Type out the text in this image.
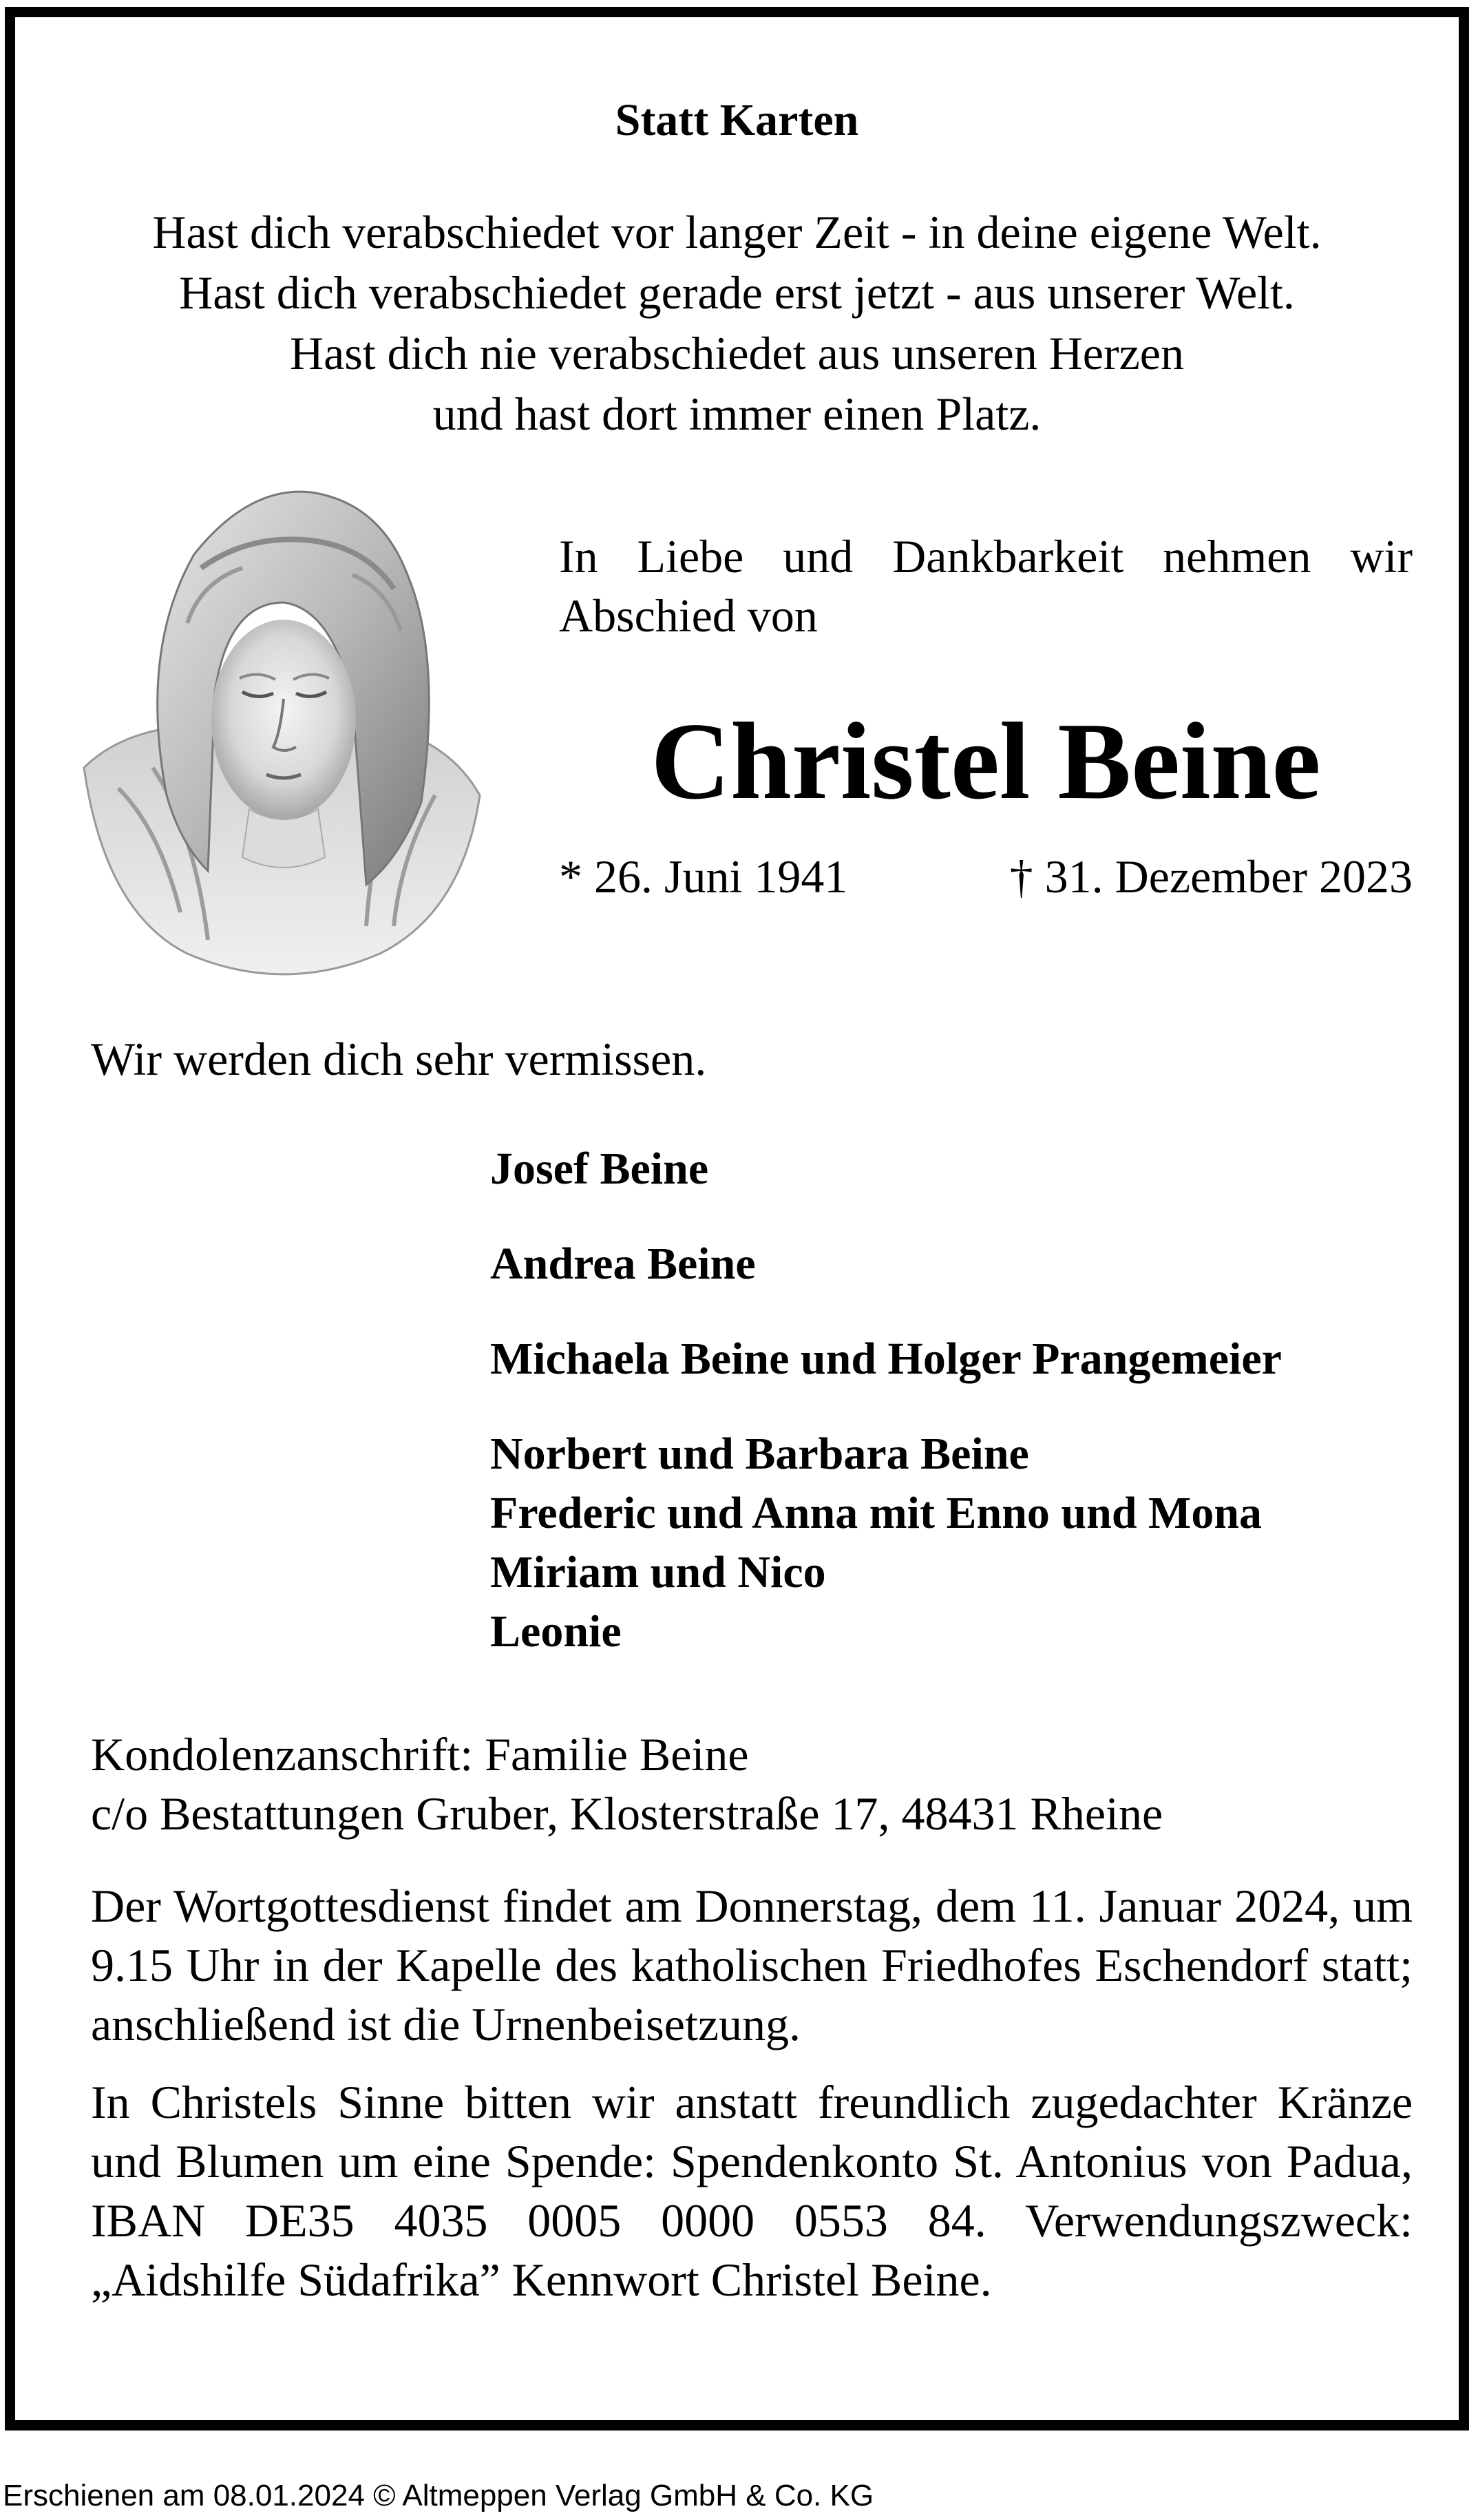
Statt Karten
Hast dich verabschiedet vor langer Zeit - in deine eigene Welt.
Hast dich verabschiedet gerade erst jetzt - aus unserer Welt.
Hast dich nie verabschiedet aus unseren Herzen
und hast dort immer einen Platz.
In Liebe und Dankbarkeit nehmen wir Abschied von
Christel Beine
* 26. Juni 1941	† 31. Dezember 2023
Wir werden dich sehr vermissen.
Josef Beine
Andrea Beine
Michaela Beine und Holger Prangemeier
Norbert und Barbara Beine
Frederic und Anna mit Enno und Mona
Miriam und Nico
Leonie
Kondolenzanschrift: Familie Beine
c/o Bestattungen Gruber, Klosterstraße 17, 48431 Rheine
Der Wortgottesdienst findet am Donnerstag, dem 11. Januar 2024, um 9.15 Uhr in der Kapelle des katholischen Friedhofes Eschendorf statt; anschließend ist die Urnenbeisetzung.
In Christels Sinne bitten wir anstatt freundlich zugedachter Kränze und Blumen um eine Spende: Spendenkonto St. Antonius von Padua, IBAN DE35 4035 0005 0000 0553 84. Verwendungszweck: „Aidshilfe Südafrika” Kennwort Christel Beine.
Erschienen am 08.01.2024 © Altmeppen Verlag GmbH & Co. KG
